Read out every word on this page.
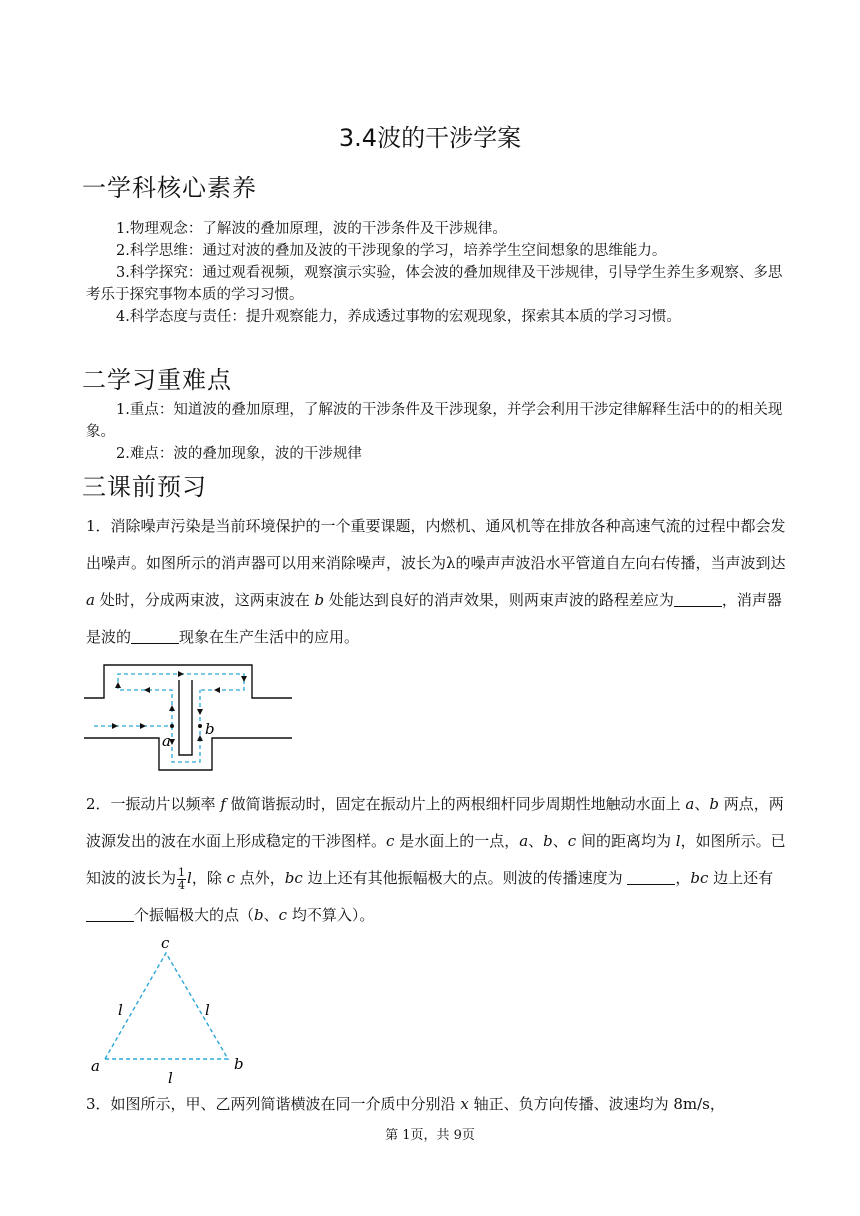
3.4波的干涉学案
一学科核心素养
1.物理观念：了解波的叠加原理，波的干涉条件及干涉规律。
2.科学思维：通过对波的叠加及波的干涉现象的学习，培养学生空间想象的思维能力。
3.科学探究：通过观看视频，观察演示实验，体会波的叠加规律及干涉规律，引导学生养生多观察、多思考乐于探究事物本质的学习习惯。
4.科学态度与责任：提升观察能力，养成透过事物的宏观现象，探索其本质的学习习惯。
二学习重难点
1.重点：知道波的叠加原理，了解波的干涉条件及干涉现象，并学会利用干涉定律解释生活中的的相关现象。
2.难点：波的叠加现象，波的干涉规律
三课前预习
1．消除噪声污染是当前环境保护的一个重要课题，内燃机、通风机等在排放各种高速气流的过程中都会发出噪声。如图所示的消声器可以用来消除噪声，波长为λ的噪声声波沿水平管道自左向右传播，当声波到达 a 处时，分成两束波，这两束波在 b 处能达到良好的消声效果，则两束声波的路程差应为	，消声器是波的	现象在生产生活中的应用。
a
b
2．一振动片以频率 f 做简谐振动时，固定在振动片上的两根细杆同步周期性地触动水面上 a、b 两点，两波源发出的波在水面上形成稳定的干涉图样。c 是水面上的一点，a、b、c 间的距离均为 l，如图所示。已知波的波长为 $\frac{1}{4}$ l，除 c 点外，bc 边上还有其他振幅极大的点。则波的传播速度为	，bc 边上还有 个振幅极大的点（b、c 均不算入）。
c
a	b
l	l
l
3．如图所示，甲、乙两列简谐横波在同一介质中分别沿 x 轴正、负方向传播、波速均为 8m/s，
第 1页，共 9页
